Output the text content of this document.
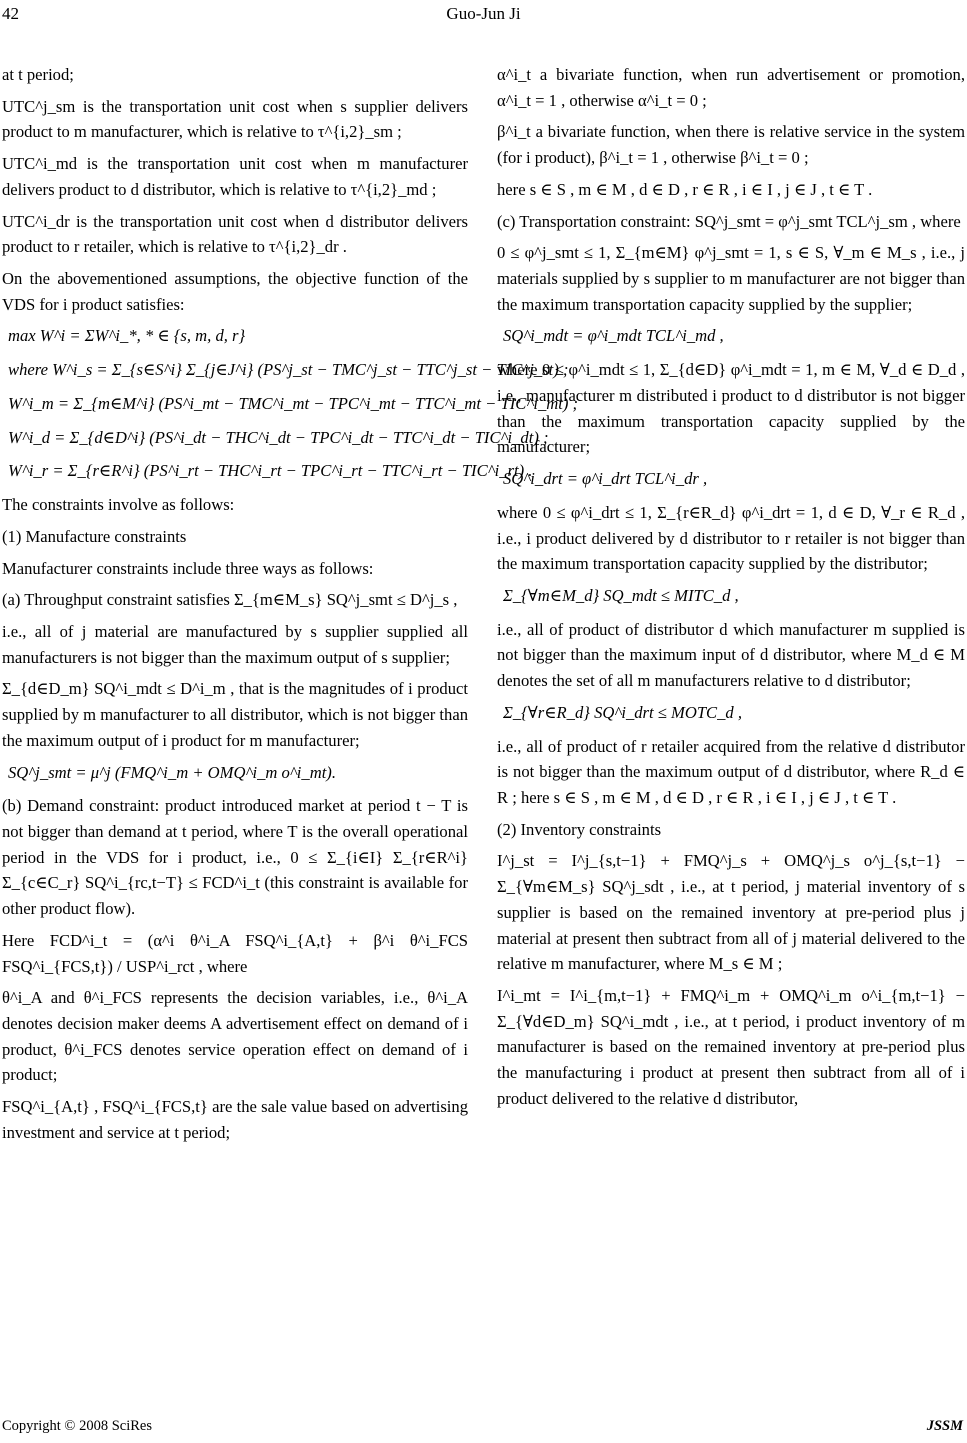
42	Guo-Jun Ji

at t period;

UTC^j_sm is the transportation unit cost when s supplier delivers product to m manufacturer, which is relative to τ^{i,2}_sm ;

UTC^i_md is the transportation unit cost when m manufacturer delivers product to d distributor, which is relative to τ^{i,2}_md ;

UTC^i_dr is the transportation unit cost when d distributor delivers product to r retailer, which is relative to τ^{i,2}_dr .

On the abovementioned assumptions, the objective function of the VDS for i product satisfies:

max W^i = ΣW^i_*, * ∈ {s, m, d, r}

where W^i_s = Σ_{s∈S^i} Σ_{j∈J^i} (PS^j_st − TMC^j_st − TTC^j_st − TIC^j_st) ;

W^i_m = Σ_{m∈M^i} (PS^i_mt − TMC^i_mt − TPC^i_mt − TTC^i_mt − TIC^i_mt) ;

W^i_d = Σ_{d∈D^i} (PS^i_dt − THC^i_dt − TPC^i_dt − TTC^i_dt − TIC^i_dt) ;

W^i_r = Σ_{r∈R^i} (PS^i_rt − THC^i_rt − TPC^i_rt − TTC^i_rt − TIC^i_rt) .

The constraints involve as follows:

(1) Manufacture constraints

Manufacturer constraints include three ways as follows:

(a) Throughput constraint satisfies Σ_{m∈M_s} SQ^j_smt ≤ D^j_s ,

i.e., all of j material are manufactured by s supplier supplied all manufacturers is not bigger than the maximum output of s supplier;

Σ_{d∈D_m} SQ^i_mdt ≤ D^i_m , that is the magnitudes of i product supplied by m manufacturer to all distributor, which is not bigger than the maximum output of i product for m manufacturer;

SQ^j_smt = μ^j (FMQ^i_m + OMQ^i_m o^i_mt).

(b) Demand constraint: product introduced market at period t − T is not bigger than demand at t period, where T is the overall operational period in the VDS for i product, i.e., 0 ≤ Σ_{i∈I} Σ_{r∈R^i} Σ_{c∈C_r} SQ^i_{rc,t−T} ≤ FCD^i_t (this constraint is available for other product flow).

Here FCD^i_t = (α^i θ^i_A FSQ^i_{A,t} + β^i θ^i_FCS FSQ^i_{FCS,t}) / USP^i_rct , where

θ^i_A and θ^i_FCS represents the decision variables, i.e., θ^i_A denotes decision maker deems A advertisement effect on demand of i product, θ^i_FCS denotes service operation effect on demand of i product;

FSQ^i_{A,t} , FSQ^i_{FCS,t} are the sale value based on advertising investment and service at t period;

α^i_t a bivariate function, when run advertisement or promotion, α^i_t = 1 , otherwise α^i_t = 0 ;

β^i_t a bivariate function, when there is relative service in the system (for i product), β^i_t = 1 , otherwise β^i_t = 0 ;

here s ∈ S , m ∈ M , d ∈ D , r ∈ R , i ∈ I , j ∈ J , t ∈ T .

(c) Transportation constraint: SQ^j_smt = φ^j_smt TCL^j_sm , where

0 ≤ φ^j_smt ≤ 1, Σ_{m∈M} φ^j_smt = 1, s ∈ S, ∀_m ∈ M_s , i.e., j materials supplied by s supplier to m manufacturer are not bigger than the maximum transportation capacity supplied by the supplier;

SQ^i_mdt = φ^i_mdt TCL^i_md ,

where 0 ≤ φ^i_mdt ≤ 1, Σ_{d∈D} φ^i_mdt = 1, m ∈ M, ∀_d ∈ D_d , i.e., manufacturer m distributed i product to d distributor is not bigger than the maximum transportation capacity supplied by the manufacturer;

SQ^i_drt = φ^i_drt TCL^i_dr ,

where 0 ≤ φ^i_drt ≤ 1, Σ_{r∈R_d} φ^i_drt = 1, d ∈ D, ∀_r ∈ R_d , i.e., i product delivered by d distributor to r retailer is not bigger than the maximum transportation capacity supplied by the distributor;

Σ_{∀m∈M_d} SQ_mdt ≤ MITC_d ,

i.e., all of product of distributor d which manufacturer m supplied is not bigger than the maximum input of d distributor, where M_d ∈ M denotes the set of all m manufacturers relative to d distributor;

Σ_{∀r∈R_d} SQ^i_drt ≤ MOTC_d ,

i.e., all of product of r retailer acquired from the relative d distributor is not bigger than the maximum output of d distributor, where R_d ∈ R ; here s ∈ S , m ∈ M , d ∈ D , r ∈ R , i ∈ I , j ∈ J , t ∈ T .

(2) Inventory constraints

I^j_st = I^j_{s,t−1} + FMQ^j_s + OMQ^j_s o^j_{s,t−1} − Σ_{∀m∈M_s} SQ^j_sdt , i.e., at t period, j material inventory of s supplier is based on the remained inventory at pre-period plus j material at present then subtract from all of j material delivered to the relative m manufacturer, where M_s ∈ M ;

I^i_mt = I^i_{m,t−1} + FMQ^i_m + OMQ^i_m o^i_{m,t−1} − Σ_{∀d∈D_m} SQ^i_mdt , i.e., at t period, i product inventory of m manufacturer is based on the remained inventory at pre-period plus the manufacturing i product at present then subtract from all of i product delivered to the relative d distributor,

Copyright © 2008 SciRes	JSSM
